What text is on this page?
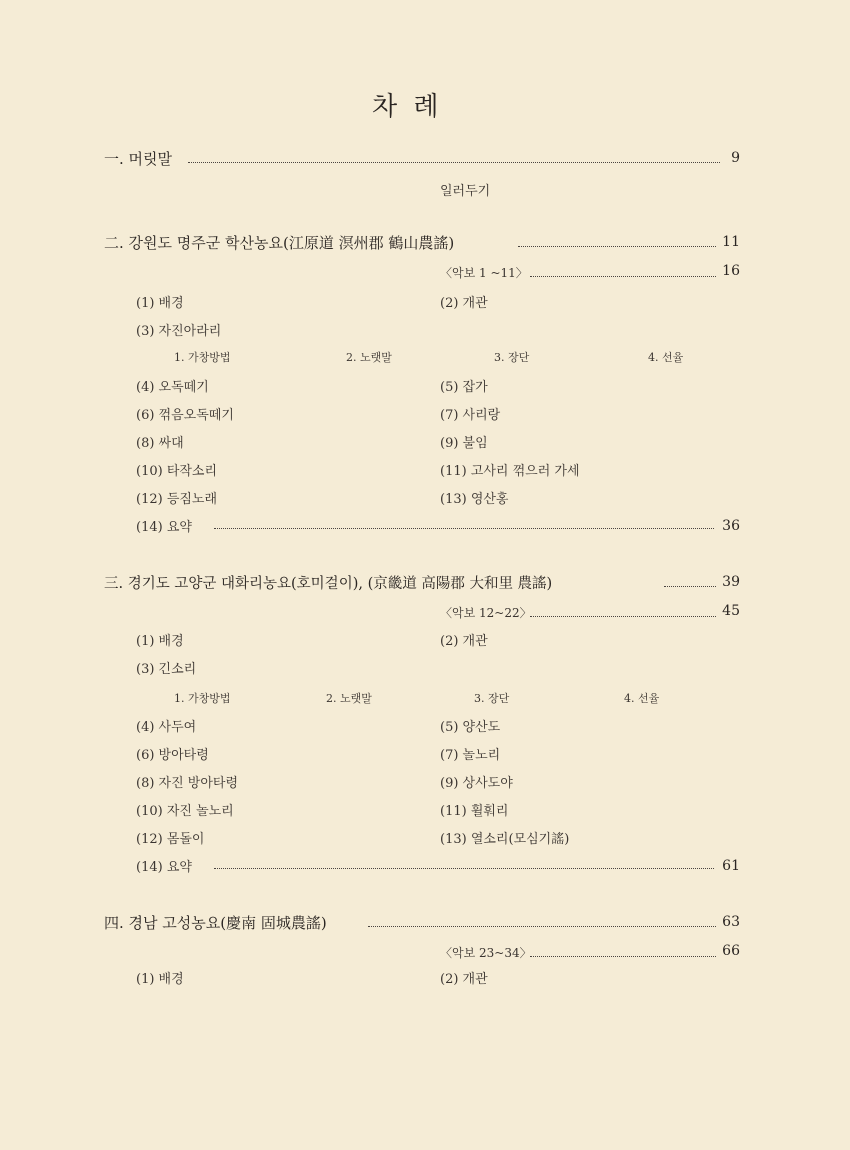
차 례
一. 머릿말	9
일러두기
二. 강원도 명주군 학산농요(江原道 溟州郡 鶴山農謠)	11
〈악보 1 ~11〉	16
(1) 배경	(2) 개관
(3) 자진아라리
1. 가창방법	2. 노랫말	3. 장단	4. 선율
(4) 오독떼기	(5) 잡가
(6) 꺾음오독떼기	(7) 사리랑
(8) 싸대	(9) 불임
(10) 타작소리	(11) 고사리 꺾으러 가세
(12) 등짐노래	(13) 영산홍
(14) 요약	36
三. 경기도 고양군 대화리농요(호미걸이), (京畿道 高陽郡 大和里 農謠)	39
〈악보 12~22〉	45
(1) 배경	(2) 개관
(3) 긴소리
1. 가창방법	2. 노랫말	3. 장단	4. 선율
(4) 사두여	(5) 양산도
(6) 방아타령	(7) 놀노리
(8) 자진 방아타령	(9) 상사도야
(10) 자진 놀노리	(11) 휠훠리
(12) 몸돌이	(13) 열소리(모심기謠)
(14) 요약	61
四. 경남 고성농요(慶南 固城農謠)	63
〈악보 23~34〉	66
(1) 배경	(2) 개관
